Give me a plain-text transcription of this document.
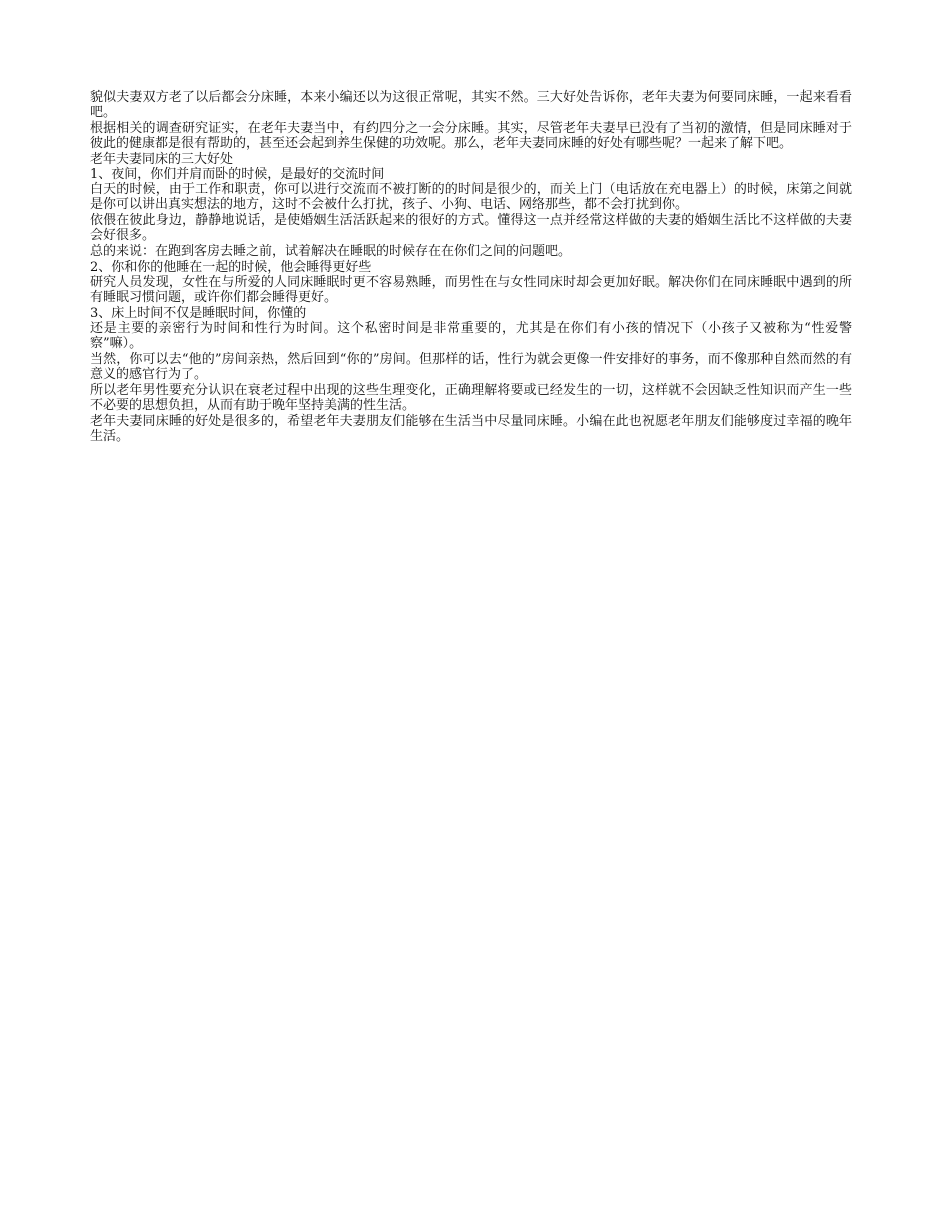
貌似夫妻双方老了以后都会分床睡，本来小编还以为这很正常呢，其实不然。三大好处告诉你，老年夫妻为何要同床睡，一起来看看吧。

根据相关的调查研究证实，在老年夫妻当中，有约四分之一会分床睡。其实，尽管老年夫妻早已没有了当初的激情，但是同床睡对于彼此的健康都是很有帮助的，甚至还会起到养生保健的功效呢。那么，老年夫妻同床睡的好处有哪些呢？一起来了解下吧。

老年夫妻同床的三大好处

1、夜间，你们并肩而卧的时候，是最好的交流时间

白天的时候，由于工作和职责，你可以进行交流而不被打断的的时间是很少的，而关上门（电话放在充电器上）的时候，床第之间就是你可以讲出真实想法的地方，这时不会被什么打扰，孩子、小狗、电话、网络那些，都不会打扰到你。

依偎在彼此身边，静静地说话，是使婚姻生活活跃起来的很好的方式。懂得这一点并经常这样做的夫妻的婚姻生活比不这样做的夫妻会好很多。

总的来说：在跑到客房去睡之前，试着解决在睡眠的时候存在在你们之间的问题吧。

2、你和你的他睡在一起的时候，他会睡得更好些

研究人员发现，女性在与所爱的人同床睡眠时更不容易熟睡，而男性在与女性同床时却会更加好眠。解决你们在同床睡眠中遇到的所有睡眠习惯问题，或许你们都会睡得更好。

3、床上时间不仅是睡眠时间，你懂的

还是主要的亲密行为时间和性行为时间。这个私密时间是非常重要的，尤其是在你们有小孩的情况下（小孩子又被称为“性爱警察”嘛）。

当然，你可以去“他的”房间亲热，然后回到“你的”房间。但那样的话，性行为就会更像一件安排好的事务，而不像那种自然而然的有意义的感官行为了。

所以老年男性要充分认识在衰老过程中出现的这些生理变化，正确理解将要或已经发生的一切，这样就不会因缺乏性知识而产生一些不必要的思想负担，从而有助于晚年坚持美满的性生活。

老年夫妻同床睡的好处是很多的，希望老年夫妻朋友们能够在生活当中尽量同床睡。小编在此也祝愿老年朋友们能够度过幸福的晚年生活。
